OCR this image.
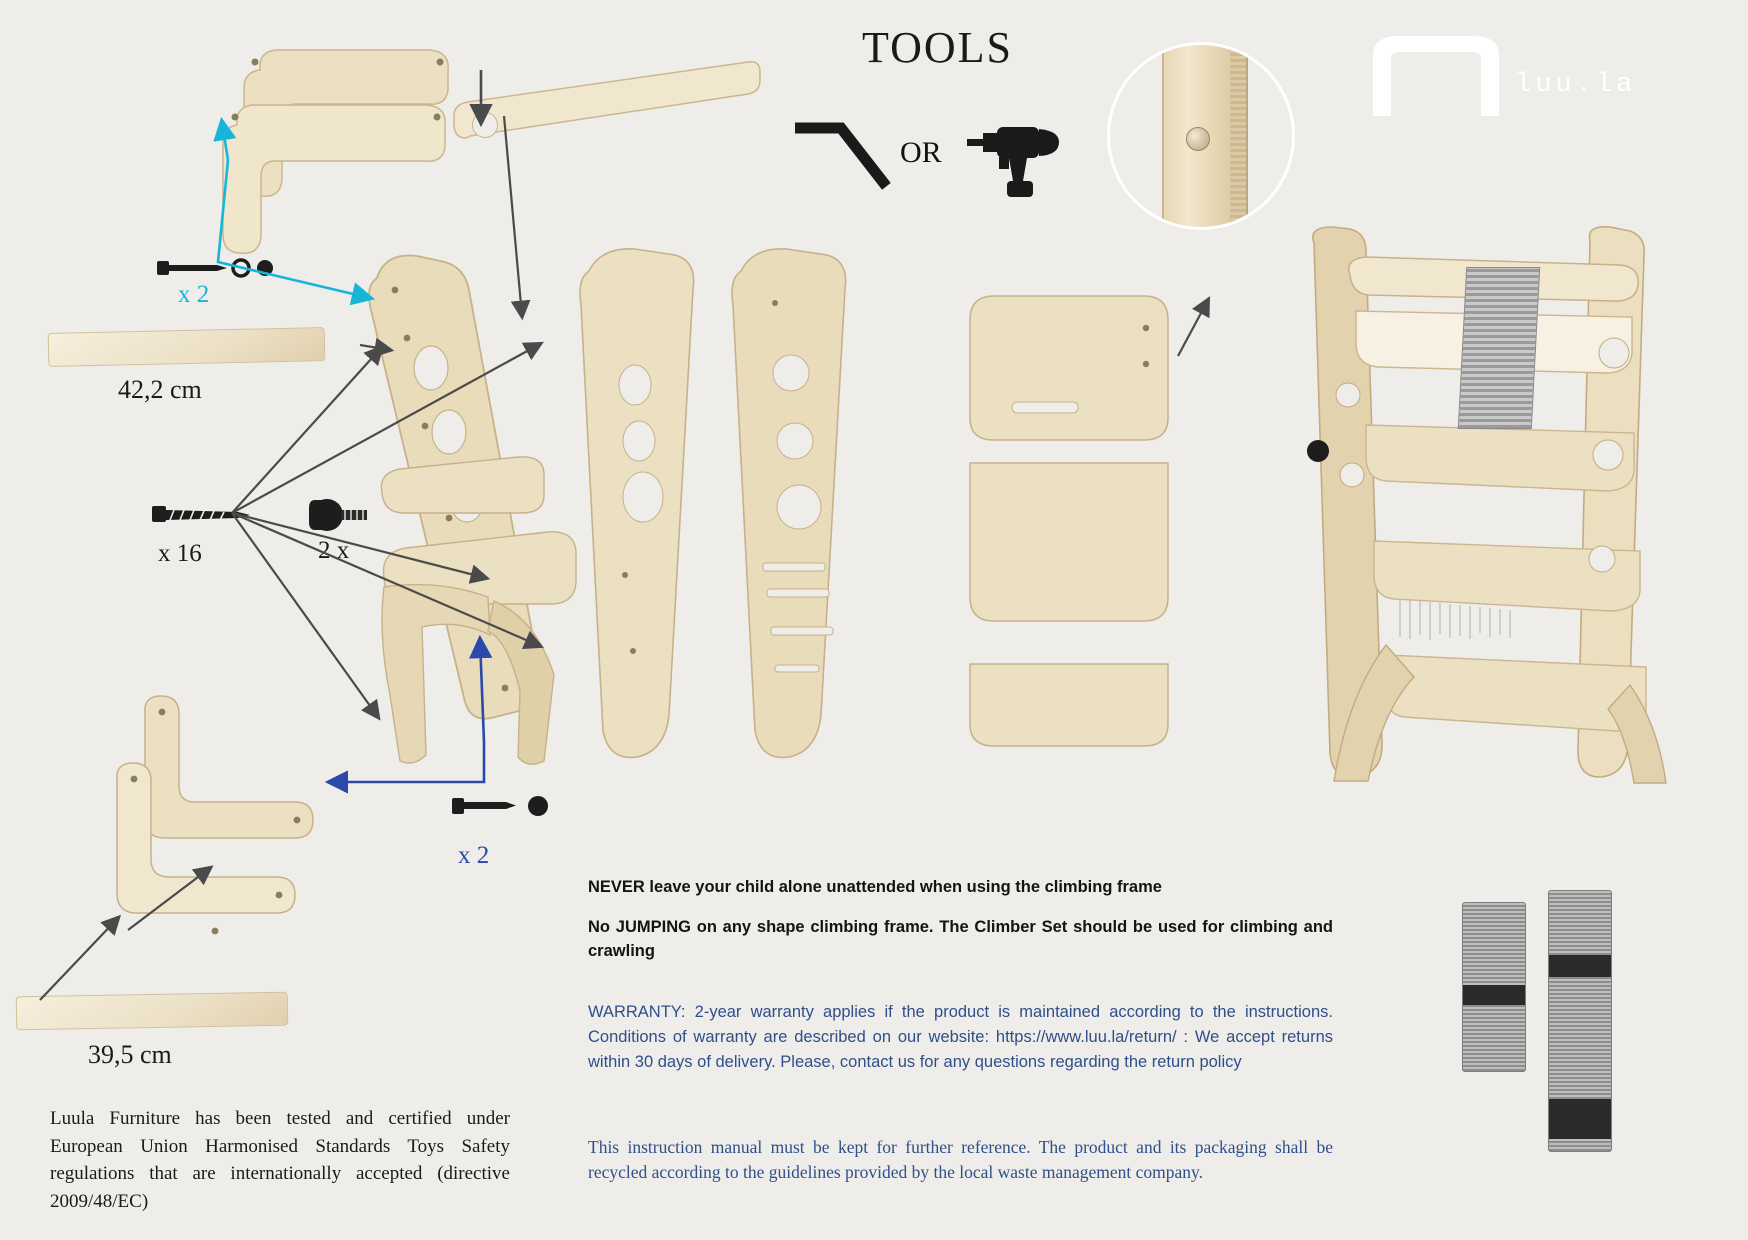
TOOLS
luu.la
OR
42,2 cm
39,5 cm
x 2
x 16	2 x
x 2
NEVER leave your child alone unattended when using the climbing frame
No JUMPING on any shape climbing frame. The Climber Set should be used for climbing and crawling
WARRANTY: 2-year warranty applies if the product is maintained according to the instructions. Conditions of warranty are described on our website: https://www.luu.la/return/ : We accept returns within 30 days of delivery. Please, contact us for any questions regarding the return policy
This instruction manual must be kept for further reference. The product and its packaging shall be recycled according to the guidelines provided by the local waste management company.
Luula Furniture has been tested and certified under European Union Harmonised Standards Toys Safety regulations that are internationally accepted (directive 2009/48/EC)
